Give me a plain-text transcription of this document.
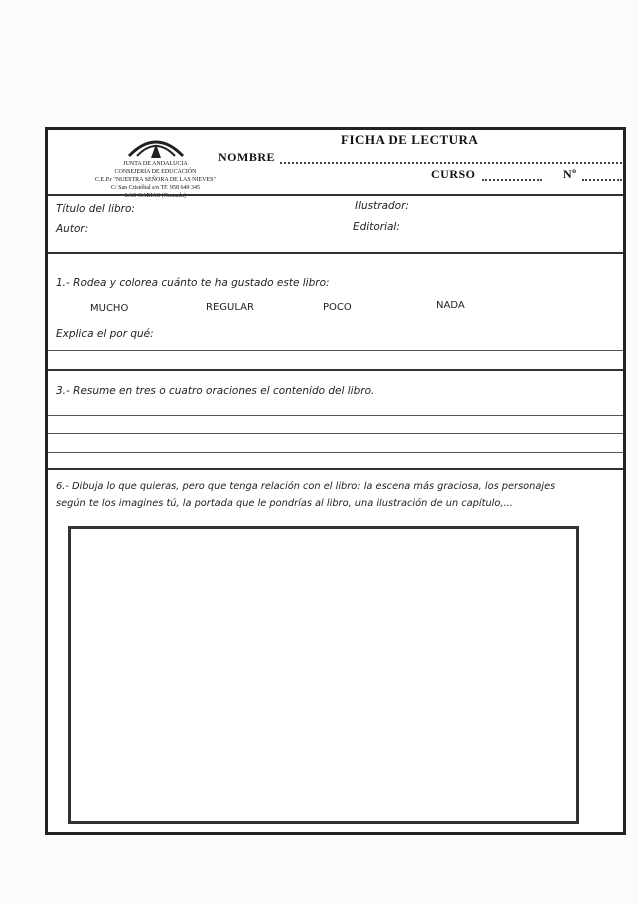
JUNTA DE ANDALUCIA
CONSEJERIA DE EDUCACIÓN
C.E.P.r "NUESTRA SEÑORA DE LAS NIEVES"
C/ San Cristóbal s/n TF. 958 649 345
LAS GABIAS (Granada)
FICHA DE LECTURA
NOMBRE
CURSO	Nº
Título del libro:	Ilustrador:
Autor:	Editorial:
1.- Rodea y colorea cuánto te ha gustado este libro:
MUCHO	REGULAR	POCO	NADA
Explica el por qué:
3.- Resume en tres o cuatro oraciones el contenido del libro.
6.- Dibuja lo que quieras, pero que tenga relación con el libro: la escena más graciosa, los personajes
según te los imagines tú, la portada que le pondrías al libro, una ilustración de un capítulo,...
